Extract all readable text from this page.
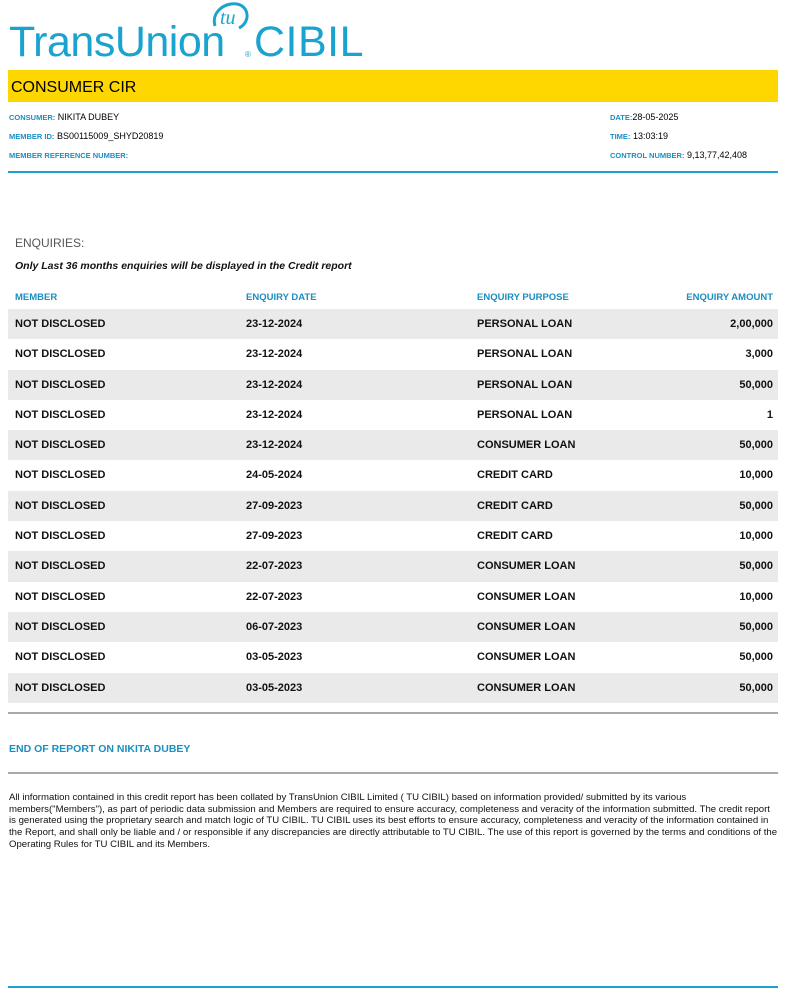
TransUnion CIBIL
tu
®
CONSUMER CIR
CONSUMER: NIKITA DUBEY
MEMBER ID: BS00115009_SHYD20819
MEMBER REFERENCE NUMBER:
DATE:28-05-2025
TIME: 13:03:19
CONTROL NUMBER: 9,13,77,42,408
ENQUIRIES:
Only Last 36 months enquiries will be displayed in the Credit report
MEMBER	ENQUIRY DATE	ENQUIRY PURPOSE	ENQUIRY AMOUNT
NOT DISCLOSED	23-12-2024	PERSONAL LOAN	2,00,000
NOT DISCLOSED	23-12-2024	PERSONAL LOAN	3,000
NOT DISCLOSED	23-12-2024	PERSONAL LOAN	50,000
NOT DISCLOSED	23-12-2024	PERSONAL LOAN	1
NOT DISCLOSED	23-12-2024	CONSUMER LOAN	50,000
NOT DISCLOSED	24-05-2024	CREDIT CARD	10,000
NOT DISCLOSED	27-09-2023	CREDIT CARD	50,000
NOT DISCLOSED	27-09-2023	CREDIT CARD	10,000
NOT DISCLOSED	22-07-2023	CONSUMER LOAN	50,000
NOT DISCLOSED	22-07-2023	CONSUMER LOAN	10,000
NOT DISCLOSED	06-07-2023	CONSUMER LOAN	50,000
NOT DISCLOSED	03-05-2023	CONSUMER LOAN	50,000
NOT DISCLOSED	03-05-2023	CONSUMER LOAN	50,000
END OF REPORT ON NIKITA DUBEY
All information contained in this credit report has been collated by TransUnion CIBIL Limited ( TU CIBIL) based on information provided/ submitted by its various members("Members"), as part of periodic data submission and Members are required to ensure accuracy, completeness and veracity of the information submitted. The credit report is generated using the proprietary search and match logic of TU CIBIL. TU CIBIL uses its best efforts to ensure accuracy, completeness and veracity of the information contained in the Report, and shall only be liable and / or responsible if any discrepancies are directly attributable to TU CIBIL. The use of this report is governed by the terms and conditions of the Operating Rules for TU CIBIL and its Members.
